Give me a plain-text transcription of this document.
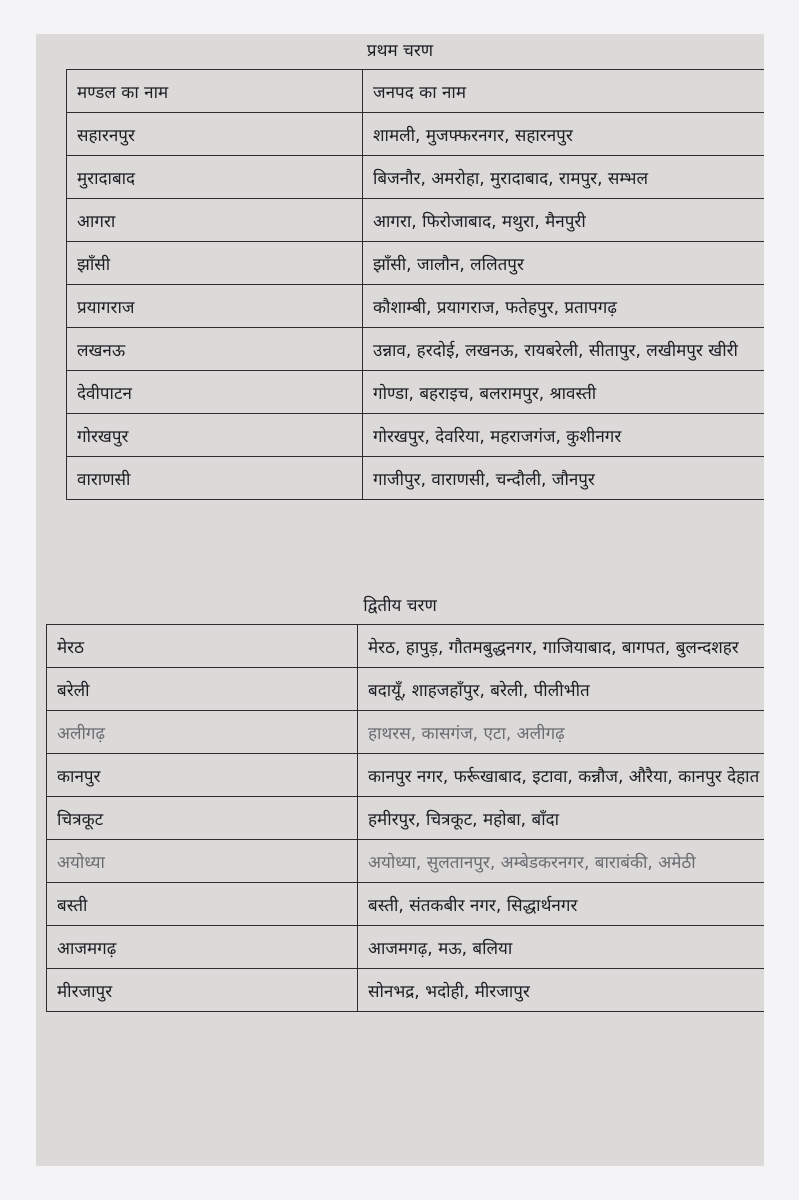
प्रथम चरण
मण्डल का नाम	जनपद का नाम
सहारनपुर	शामली, मुजफ्फरनगर, सहारनपुर
मुरादाबाद	बिजनौर, अमरोहा, मुरादाबाद, रामपुर, सम्भल
आगरा	आगरा, फिरोजाबाद, मथुरा, मैनपुरी
झाँसी	झाँसी, जालौन, ललितपुर
प्रयागराज	कौशाम्बी, प्रयागराज, फतेहपुर, प्रतापगढ़
लखनऊ	उन्नाव, हरदोई, लखनऊ, रायबरेली, सीतापुर, लखीमपुर खीरी
देवीपाटन	गोण्डा, बहराइच, बलरामपुर, श्रावस्ती
गोरखपुर	गोरखपुर, देवरिया, महराजगंज, कुशीनगर
वाराणसी	गाजीपुर, वाराणसी, चन्दौली, जौनपुर
द्वितीय चरण
मेरठ	मेरठ, हापुड़, गौतमबुद्धनगर, गाजियाबाद, बागपत, बुलन्दशहर
बरेली	बदायूँ, शाहजहाँपुर, बरेली, पीलीभीत
अलीगढ़	हाथरस, कासगंज, एटा, अलीगढ़
कानपुर	कानपुर नगर, फर्रूखाबाद, इटावा, कन्नौज, औरैया, कानपुर देहात
चित्रकूट	हमीरपुर, चित्रकूट, महोबा, बाँदा
अयोध्या	अयोध्या, सुलतानपुर, अम्बेडकरनगर, बाराबंकी, अमेठी
बस्ती	बस्ती, संतकबीर नगर, सिद्धार्थनगर
आजमगढ़	आजमगढ़, मऊ, बलिया
मीरजापुर	सोनभद्र, भदोही, मीरजापुर
